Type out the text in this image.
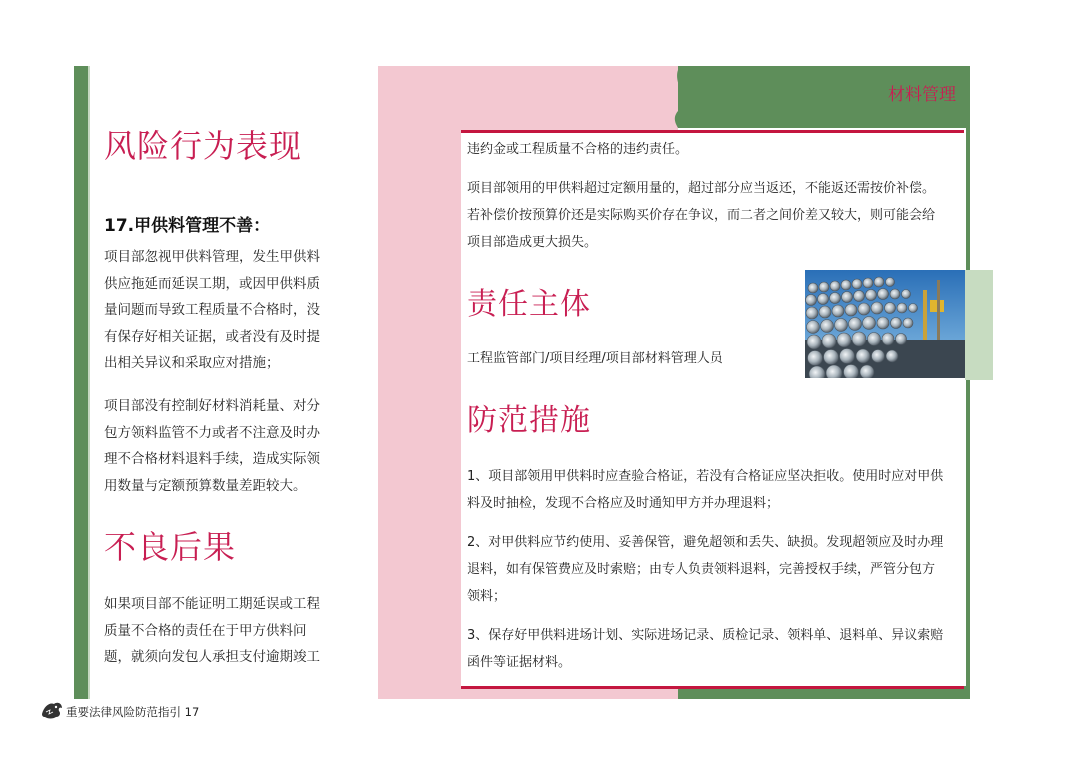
风险行为表现
17.甲供料管理不善：
项目部忽视甲供料管理，发生甲供料
供应拖延而延误工期，或因甲供料质
量问题而导致工程质量不合格时，没
有保存好相关证据，或者没有及时提
出相关异议和采取应对措施；
项目部没有控制好材料消耗量、对分
包方领料监管不力或者不注意及时办
理不合格材料退料手续，造成实际领
用数量与定额预算数量差距较大。
不良后果
如果项目部不能证明工期延误或工程
质量不合格的责任在于甲方供料问
题，就须向发包人承担支付逾期竣工
材料管理
违约金或工程质量不合格的违约责任。
项目部领用的甲供料超过定额用量的，超过部分应当返还，不能返还需按价补偿。
若补偿价按预算价还是实际购买价存在争议，而二者之间价差又较大，则可能会给
项目部造成更大损失。
责任主体
工程监管部门/项目经理/项目部材料管理人员
防范措施
1、项目部领用甲供料时应查验合格证，若没有合格证应坚决拒收。使用时应对甲供
料及时抽检，发现不合格应及时通知甲方并办理退料；
2、对甲供料应节约使用、妥善保管，避免超领和丢失、缺损。发现超领应及时办理
退料，如有保管费应及时索赔；由专人负责领料退料，完善授权手续，严管分包方
领料；
3、保存好甲供料进场计划、实际进场记录、质检记录、领料单、退料单、异议索赔
函件等证据材料。
重要法律风险防范指引 17
